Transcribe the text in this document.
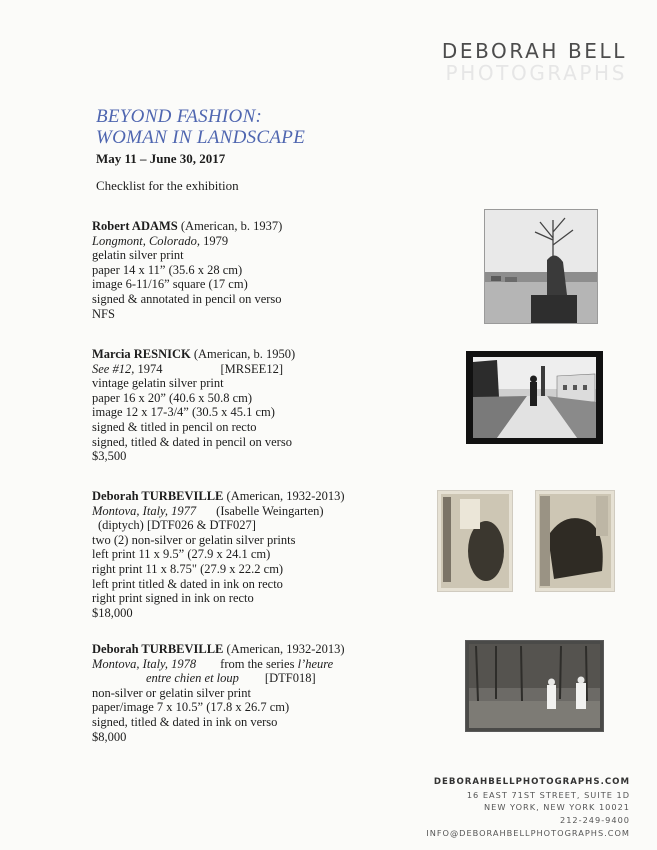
DEBORAH BELL
PHOTOGRAPHS
BEYOND FASHION:
WOMAN IN LANDSCAPE
May 11 – June 30, 2017
Checklist for the exhibition
Robert ADAMS (American, b. 1937)
Longmont, Colorado, 1979
gelatin silver print
paper 14 x 11” (35.6 x 28 cm)
image 6-11/16” square (17 cm)
signed & annotated in pencil on verso
NFS
Marcia RESNICK (American, b. 1950)
See #12, 1974	[MRSEE12]
vintage gelatin silver print
paper 16 x 20” (40.6 x 50.8 cm)
image 12 x 17-3/4” (30.5 x 45.1 cm)
signed & titled in pencil on recto
signed, titled & dated in pencil on verso
$3,500
Deborah TURBEVILLE (American, 1932-2013)
Montova, Italy, 1977 (Isabelle Weingarten)
(diptych) [DTF026 & DTF027]
two (2) non-silver or gelatin silver prints
left print 11 x 9.5” (27.9 x 24.1 cm)
right print 11 x 8.75" (27.9 x 22.2 cm)
left print titled & dated in ink on recto
right print signed in ink on recto
$18,000
Deborah TURBEVILLE (American, 1932-2013)
Montova, Italy, 1978 from the series l’heure
entre chien et loup [DTF018]
non-silver or gelatin silver print
paper/image 7 x 10.5” (17.8 x 26.7 cm)
signed, titled & dated in ink on verso
$8,000
DEBORAHBELLPHOTOGRAPHS.COM
16 EAST 71ST STREET, SUITE 1D
NEW YORK, NEW YORK 10021
212-249-9400
INFO@DEBORAHBELLPHOTOGRAPHS.COM
